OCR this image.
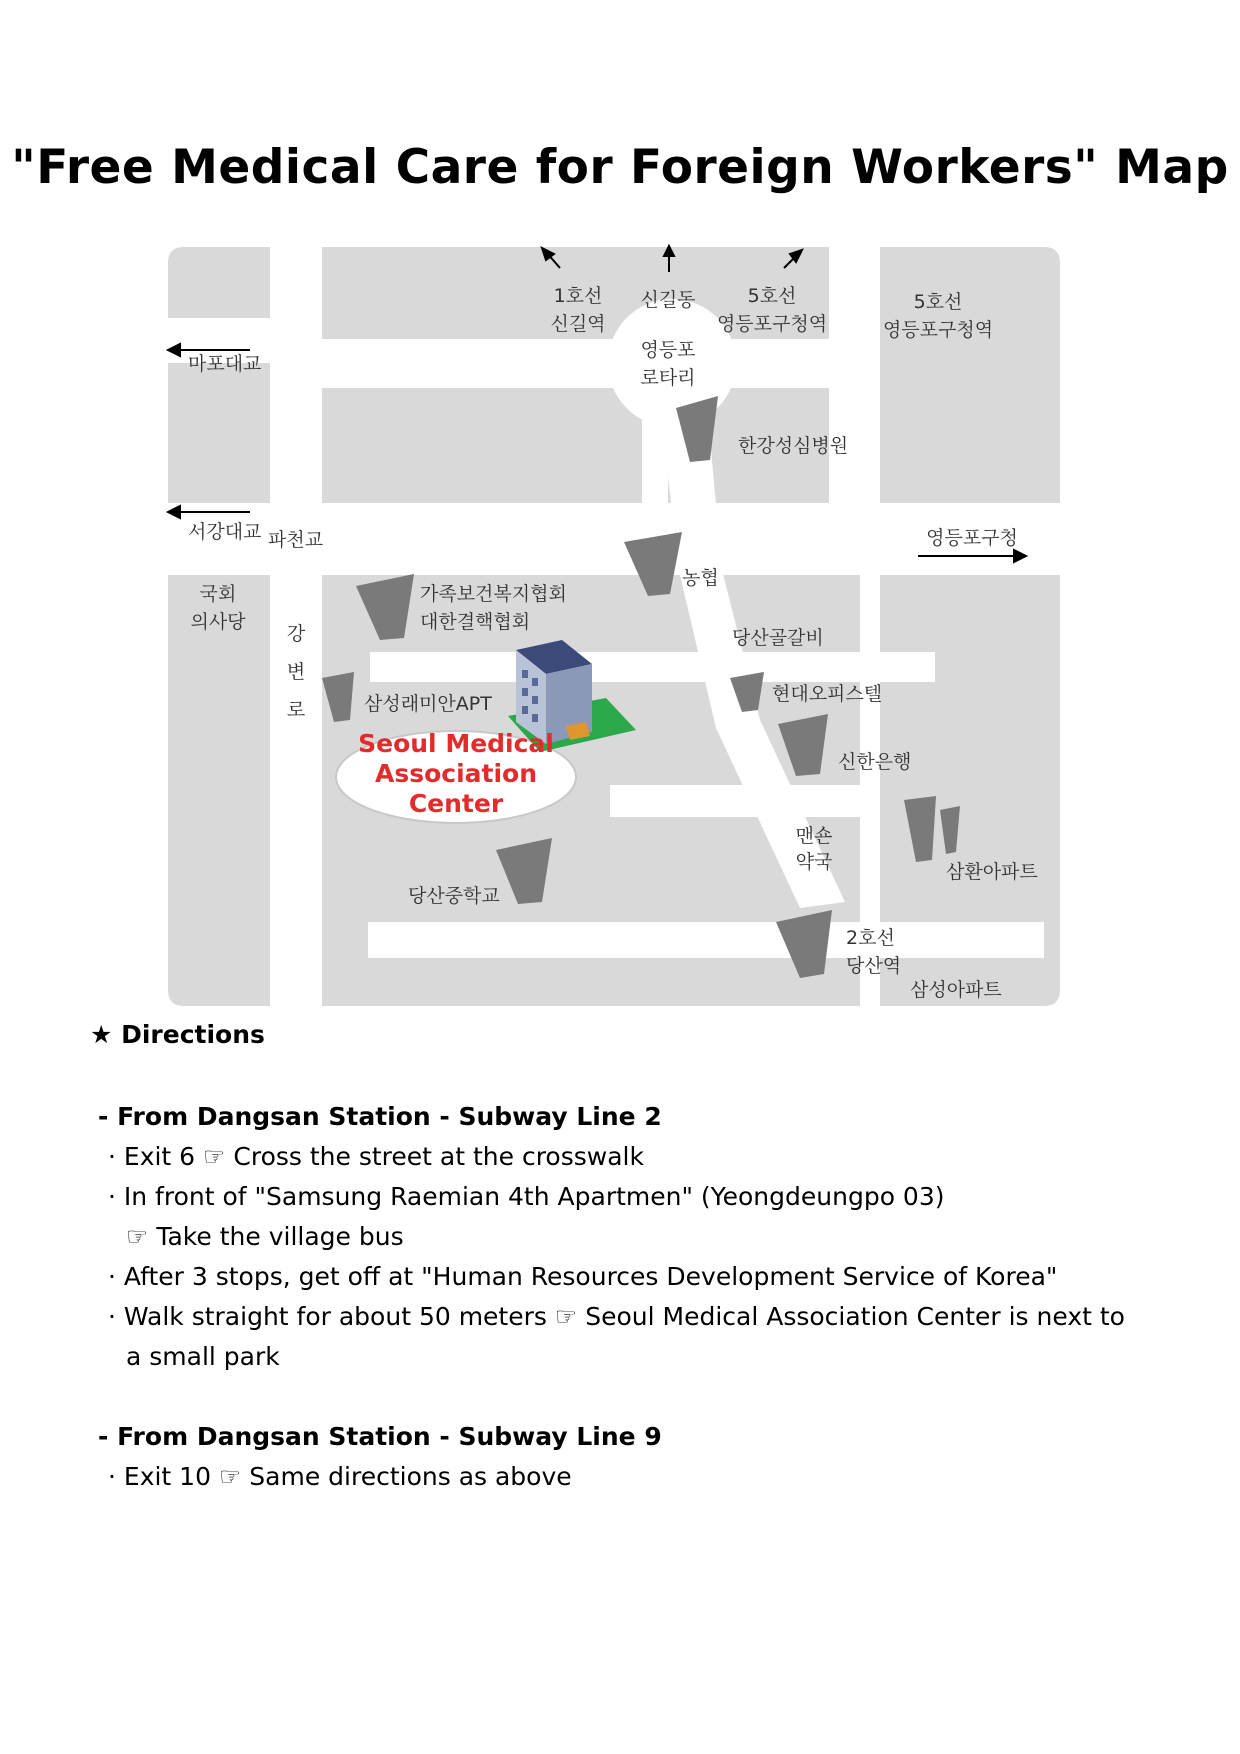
"Free Medical Care for Foreign Workers" Map
1호선
신길역
신길동	5호선
영등포구청역
5호선
영등포구청역
마포대교
영등포
로타리
한강성심병원
서강대교 파천교	영등포구청
국회
의사당
가족보건복지협회
대한결핵협회
농협
당산골갈비
강
변
로	삼성래미안APT	현대오피스텔
신한은행
맨숀
약국	삼환아파트
당산중학교
2호선
당산역
삼성아파트
Seoul Medical
Association
Center
★ Directions
- From Dangsan Station - Subway Line 2
· Exit 6 ☞ Cross the street at the crosswalk
· In front of "Samsung Raemian 4th Apartmen" (Yeongdeungpo 03)
☞ Take the village bus
· After 3 stops, get off at "Human Resources Development Service of Korea"
· Walk straight for about 50 meters ☞ Seoul Medical Association Center is next to
a small park
- From Dangsan Station - Subway Line 9
· Exit 10 ☞ Same directions as above
